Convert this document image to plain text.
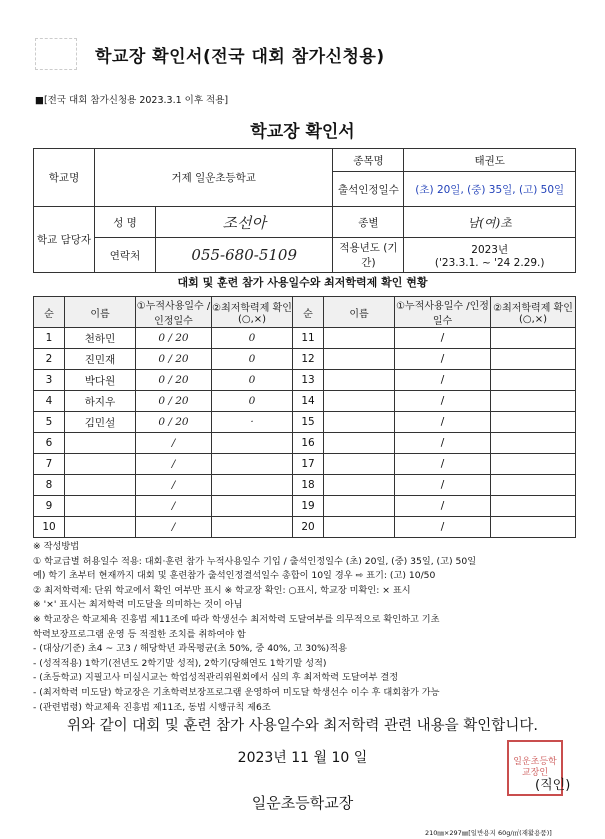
학교장 확인서(전국 대회 참가신청용)
■[전국 대회 참가신청용 2023.3.1 이후 적용]
학교장 확인서
학교명	거제 일운초등학교		종목명	태권도
			출석인정일수	(초) 20일, (중) 35일, (고) 50일
학교 담당자	성 명	조선아	종별	남(여)초
	연락처	055-680-5109	적용년도 (기간)	2023년
('23.3.1. ~ '24 2.29.)
대회 및 훈련 참가 사용일수와 최저학력제 확인 현황
순	이름	①누적사용일수 /인정일수	②최저학력제 확인(○,×)	순	이름	①누적사용일수 /인정일수	②최저학력제 확인(○,×)
1	천하민	0 / 20	0	11		/	
2	진민재	0 / 20	0	12		/	
3	박다원	0 / 20	0	13		/	
4	하지우	0 / 20	0	14		/	
5	김민설	0 / 20	·	15		/	
6		/		16		/	
7		/		17		/	
8		/		18		/	
9		/		19		/	
10		/		20		/	
※ 작성방법
① 학교급별 허용일수 적용: 대회·훈련 참가 누적사용일수 기입 / 출석인정일수 (초) 20일, (중) 35일, (고) 50일
예) 학기 초부터 현재까지 대회 및 훈련참가 출석인정결석일수 총합이 10일 경우 ⇨ 표기: (고) 10/50
② 최저학력제: 단위 학교에서 확인 여부만 표시 ※ 학교장 확인: ○표시, 학교장 미확인: × 표시
※ '×' 표시는 최저학력 미도달을 의미하는 것이 아님
※ 학교장은 학교체육 진흥법 제11조에 따라 학생선수 최저학력 도달여부를 의무적으로 확인하고 기초
학력보장프로그램 운영 등 적절한 조치를 취하여야 함
- (대상/기준) 초4 ~ 고3 / 해당학년 과목평균(초 50%, 중 40%, 고 30%)적용
- (성적적용) 1학기(전년도 2학기말 성적), 2학기(당해연도 1학기말 성적)
- (초등학교) 지필고사 미실시교는 학업성적관리위원회에서 심의 후 최저학력 도달여부 결정
- (최저학력 미도달) 학교장은 기초학력보장프로그램 운영하여 미도달 학생선수 이수 후 대회참가 가능
- (관련법령) 학교체육 진흥법 제11조, 동법 시행규칙 제6조
위와 같이 대회 및 훈련 참가 사용일수와 최저학력 관련 내용을 확인합니다.
2023년 11 월 10 일
일운초등학교장
일운초등학교장인
(직인)
210㎜×297㎜[일반용지 60g/㎡(재활용품)]
